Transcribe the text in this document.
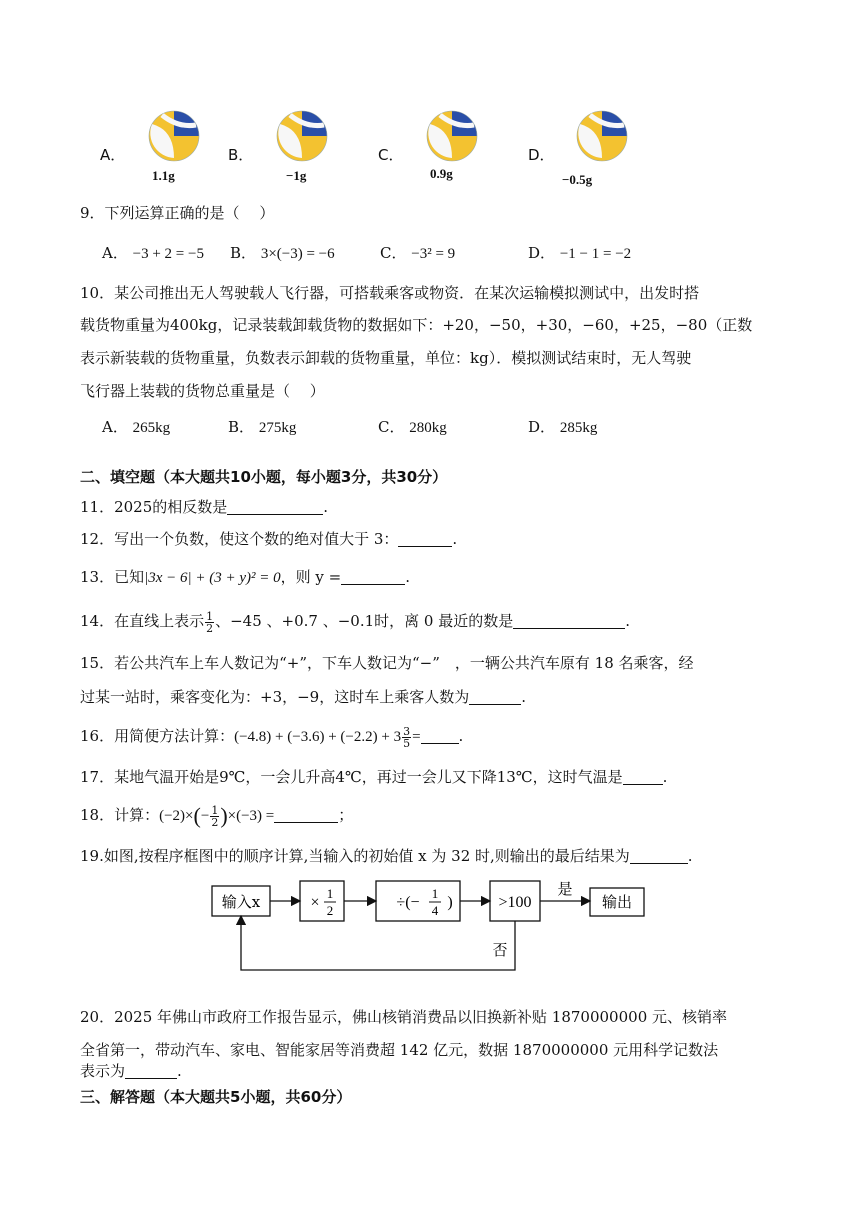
A．
1.1g
B．
−1g
C．
0.9g
D．
−0.5g
9．下列运算正确的是（　 ）
A． −3 + 2 = −5 B． 3×(−3) = −6	C． −3² = 9	D． −1 − 1 = −2
10．某公司推出无人驾驶载人飞行器，可搭载乘客或物资．在某次运输模拟测试中，出发时搭
载货物重量为400kg，记录装载卸载货物的数据如下：+20，−50，+30，−60，+25，−80（正数
表示新装载的货物重量，负数表示卸载的货物重量，单位：kg）．模拟测试结束时，无人驾驶
飞行器上装载的货物总重量是（　 ）
A． 265kg	B． 275kg	C． 280kg	D． 285kg
二、填空题（本大题共10小题，每小题3分，共30分）
11．2025的相反数是	.
12．写出一个负数，使这个数的绝对值大于 3：	.
13．已知|3x − 6| + (3 + y)² = 0，则 y =	.
14．在直线上表示 $\frac{1}{2}$ 、−45 、+0.7 、−0.1时，离 0 最近的数是	.
15．若公共汽车上车人数记为“+”，下车人数记为“−”　，一辆公共汽车原有 18 名乘客，经
过某一站时，乘客变化为：+3，−9，这时车上乘客人数为	.
16．用简便方法计算：$(-4.8) + (-3.6) + (-2.2) + 3 \frac{3}{5}$ =	.
17．某地气温开始是9℃，一会儿升高4℃，再过一会儿又下降13℃，这时气温是	.
18．计算：$(-2)\times(- \frac{1}{2} )\times(-3)$ =	；
19.如图,按程序框图中的顺序计算,当输入的初始值 x 为 32 时,则输出的最后结果为	.
输入x	×
1
2	÷(−
1
4 )	>100
是
输出
否
20．2025 年佛山市政府工作报告显示，佛山核销消费品以旧换新补贴 1870000000 元、核销率
全省第一，带动汽车、家电、智能家居等消费超 142 亿元，数据 1870000000 元用科学记数法
表示为	.
三、解答题（本大题共5小题，共60分）
